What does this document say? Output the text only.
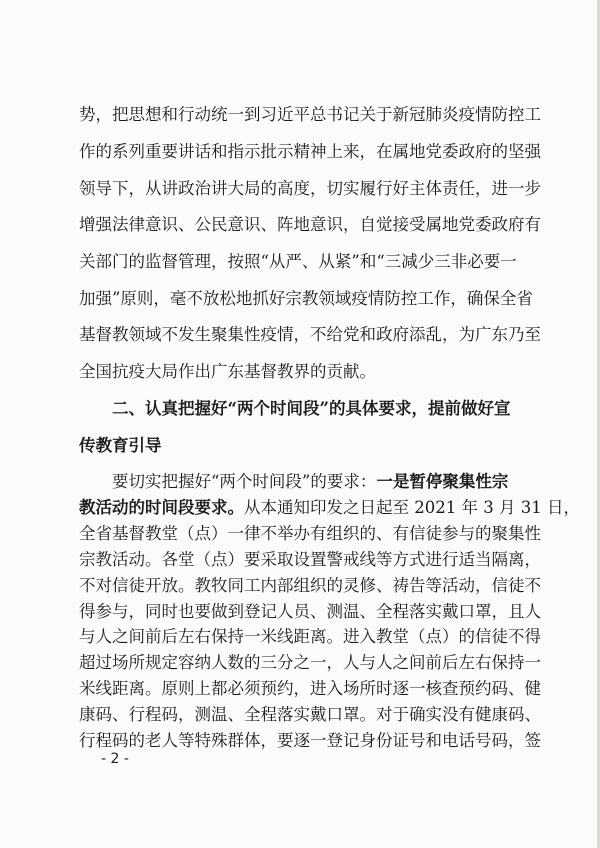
势，把思想和行动统一到习近平总书记关于新冠肺炎疫情防控工
作的系列重要讲话和指示批示精神上来，在属地党委政府的坚强
领导下，从讲政治讲大局的高度，切实履行好主体责任，进一步
增强法律意识、公民意识、阵地意识，自觉接受属地党委政府有
关部门的监督管理，按照“从严、从紧”和“三减少三非必要一
加强”原则，毫不放松地抓好宗教领域疫情防控工作，确保全省
基督教领域不发生聚集性疫情，不给党和政府添乱，为广东乃至
全国抗疫大局作出广东基督教界的贡献。
二、认真把握好“两个时间段”的具体要求，提前做好宣
传教育引导
要切实把握好“两个时间段”的要求：一是暂停聚集性宗
教活动的时间段要求。从本通知印发之日起至 2021 年 3 月 31 日，
全省基督教堂（点）一律不举办有组织的、有信徒参与的聚集性
宗教活动。各堂（点）要采取设置警戒线等方式进行适当隔离，
不对信徒开放。教牧同工内部组织的灵修、祷告等活动，信徒不
得参与，同时也要做到登记人员、测温、全程落实戴口罩，且人
与人之间前后左右保持一米线距离。进入教堂（点）的信徒不得
超过场所规定容纳人数的三分之一，人与人之间前后左右保持一
米线距离。原则上都必须预约，进入场所时逐一核查预约码、健
康码、行程码，测温、全程落实戴口罩。对于确实没有健康码、
行程码的老人等特殊群体，要逐一登记身份证号和电话号码，签
- 2 -
